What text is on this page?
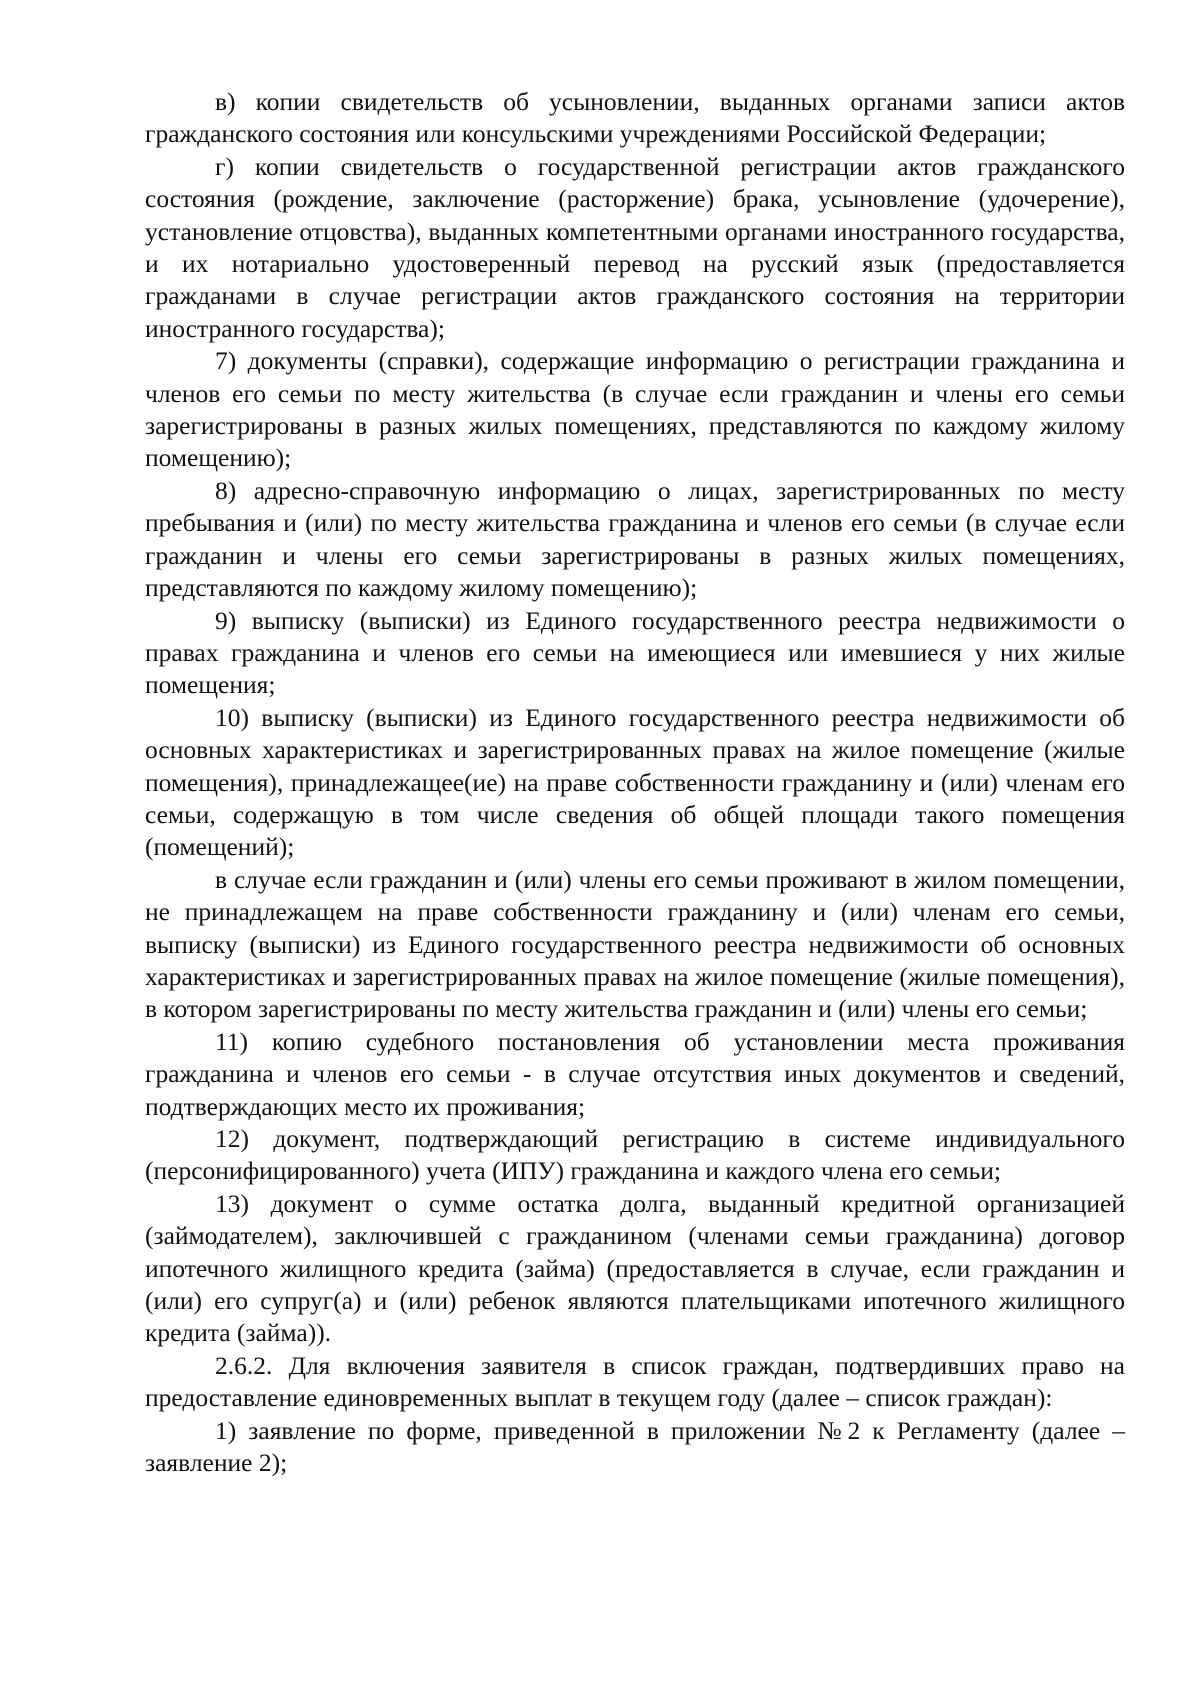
в) копии свидетельств об усыновлении, выданных органами записи актов гражданского состояния или консульскими учреждениями Российской Федерации;

г) копии свидетельств о государственной регистрации актов гражданского состояния (рождение, заключение (расторжение) брака, усыновление (удочерение), установление отцовства), выданных компетентными органами иностранного государства, и их нотариально удостоверенный перевод на русский язык (предоставляется гражданами в случае регистрации актов гражданского состояния на территории иностранного государства);

7) документы (справки), содержащие информацию о регистрации гражданина и членов его семьи по месту жительства (в случае если гражданин и члены его семьи зарегистрированы в разных жилых помещениях, представляются по каждому жилому помещению);

8) адресно-справочную информацию о лицах, зарегистрированных по месту пребывания и (или) по месту жительства гражданина и членов его семьи (в случае если гражданин и члены его семьи зарегистрированы в разных жилых помещениях, представляются по каждому жилому помещению);

9) выписку (выписки) из Единого государственного реестра недвижимости о правах гражданина и членов его семьи на имеющиеся или имевшиеся у них жилые помещения;

10) выписку (выписки) из Единого государственного реестра недвижимости об основных характеристиках и зарегистрированных правах на жилое помещение (жилые помещения), принадлежащее(ие) на праве собственности гражданину и (или) членам его семьи, содержащую в том числе сведения об общей площади такого помещения (помещений);

в случае если гражданин и (или) члены его семьи проживают в жилом помещении, не принадлежащем на праве собственности гражданину и (или) членам его семьи, выписку (выписки) из Единого государственного реестра недвижимости об основных характеристиках и зарегистрированных правах на жилое помещение (жилые помещения), в котором зарегистрированы по месту жительства гражданин и (или) члены его семьи;

11) копию судебного постановления об установлении места проживания гражданина и членов его семьи - в случае отсутствия иных документов и сведений, подтверждающих место их проживания;

12) документ, подтверждающий регистрацию в системе индивидуального (персонифицированного) учета (ИПУ) гражданина и каждого члена его семьи;

13) документ о сумме остатка долга, выданный кредитной организацией (займодателем), заключившей с гражданином (членами семьи гражданина) договор ипотечного жилищного кредита (займа) (предоставляется в случае, если гражданин и (или) его супруг(а) и (или) ребенок являются плательщиками ипотечного жилищного кредита (займа)).

2.6.2. Для включения заявителя в список граждан, подтвердивших право на предоставление единовременных выплат в текущем году (далее – список граждан):

1) заявление по форме, приведенной в приложении №2 к Регламенту (далее – заявление 2);
